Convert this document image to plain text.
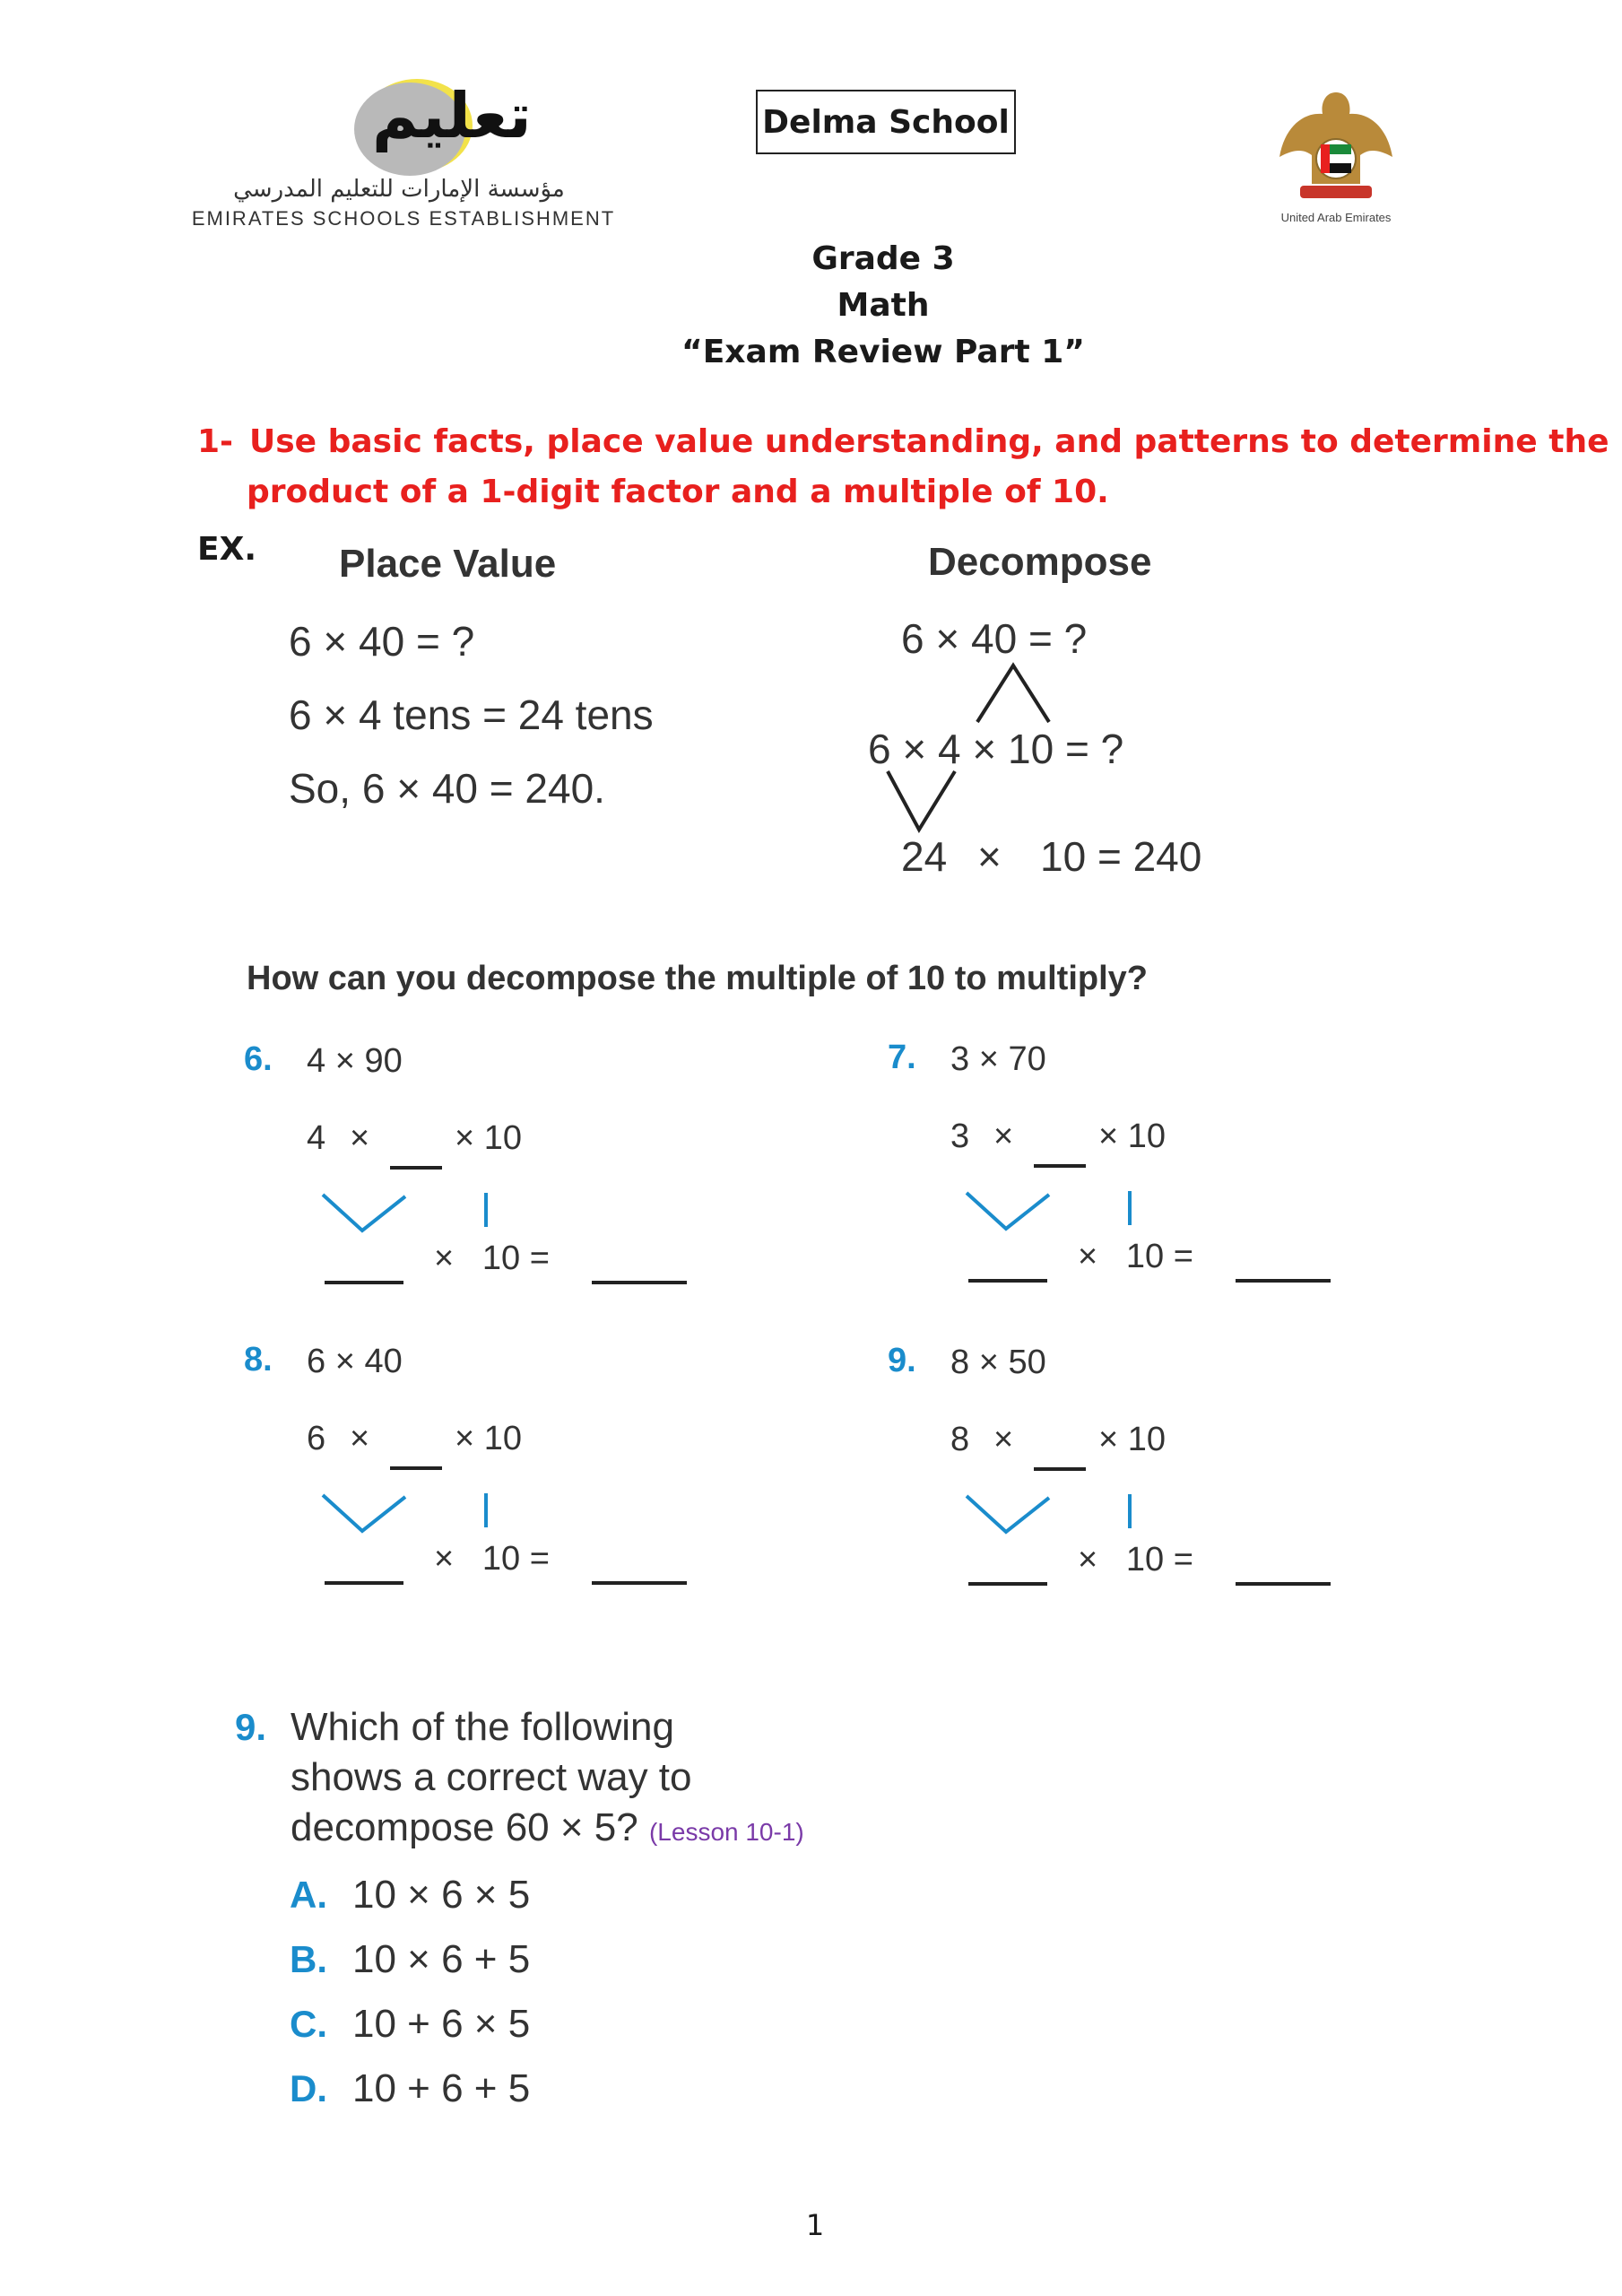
تعليم
مؤسسة الإمارات للتعليم المدرسي
EMIRATES SCHOOLS ESTABLISHMENT
Delma School
United Arab Emirates
Grade 3
Math
“Exam Review Part 1”
1- Use basic facts, place value understanding, and patterns to determine the
product of a 1-digit factor and a multiple of 10.
EX. Place Value
6 × 40 = ?
6 × 4 tens = 24 tens
So, 6 × 40 = 240.
Decompose
6 × 40 = ?
6 × 4 × 10 = ?
24 × 10 = 240
How can you decompose the multiple of 10 to multiply?
6. 4 × 90
4 × × 10
×   10 =
7. 3 × 70
3 × × 10
×   10 =
8. 6 × 40
6 × × 10
×   10 =
9. 8 × 50
8 × × 10
×   10 =
9. Which of the following
shows a correct way to
decompose 60 × 5? (Lesson 10-1)
A. 10 × 6 × 5
B. 10 × 6 + 5
C. 10 + 6 × 5
D. 10 + 6 + 5
1
